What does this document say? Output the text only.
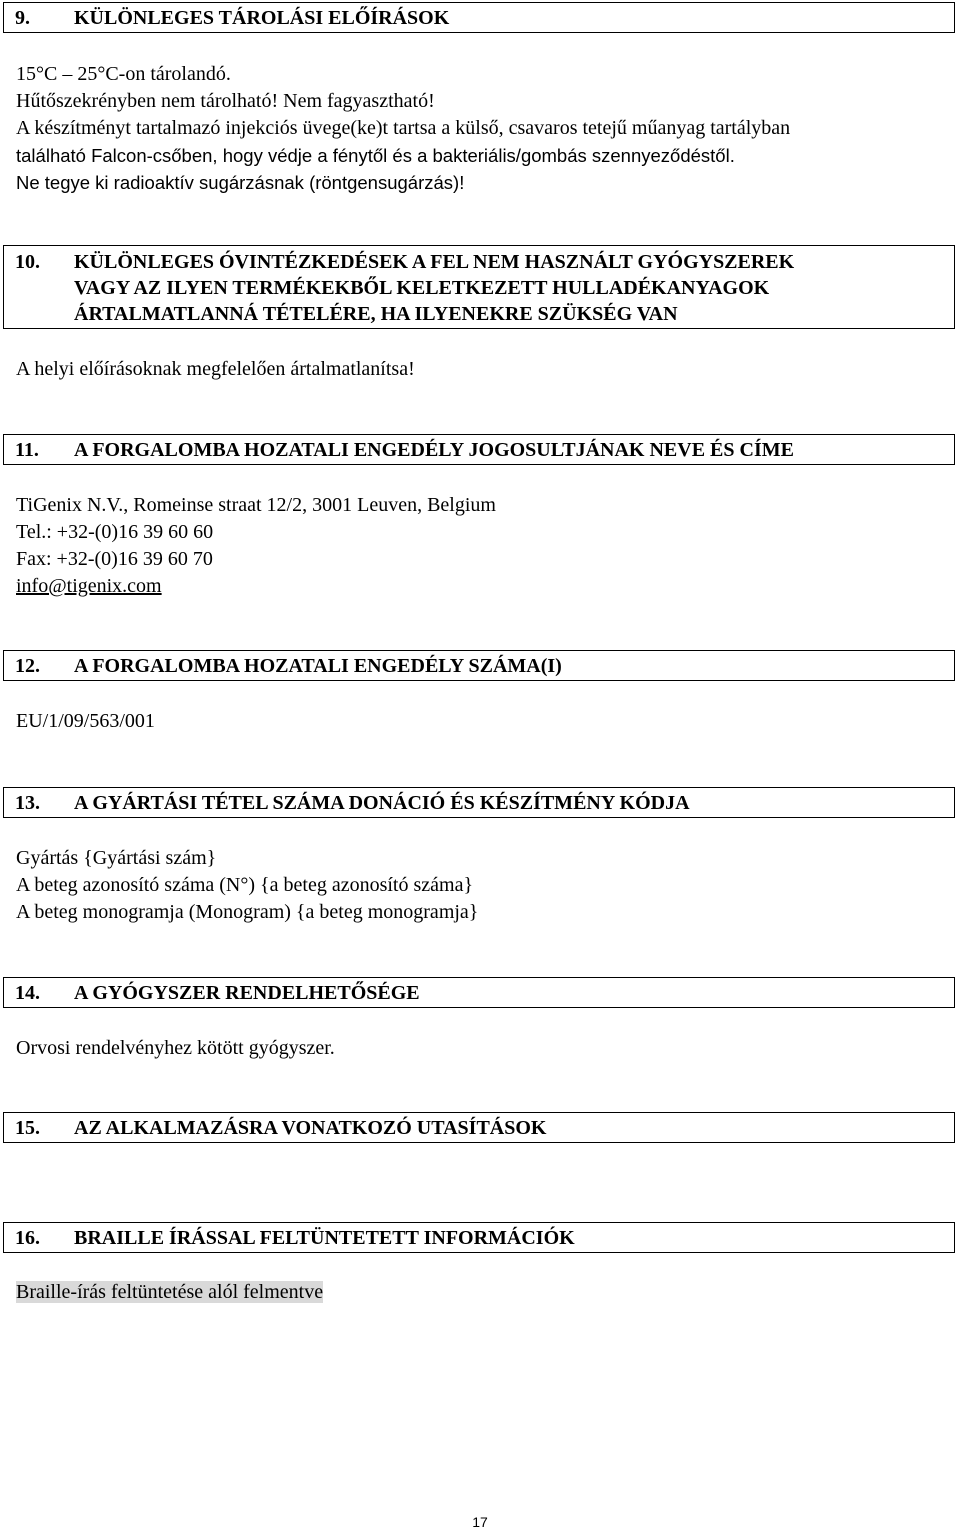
9. KÜLÖNLEGES TÁROLÁSI ELŐÍRÁSOK
15°C – 25°C-on tárolandó.
Hűtőszekrényben nem tárolható! Nem fagyasztható!
A készítményt tartalmazó injekciós üvege(ke)t tartsa a külső, csavaros tetejű műanyag tartályban
található Falcon-csőben, hogy védje a fénytől és a bakteriális/gombás szennyeződéstől.
Ne tegye ki radioaktív sugárzásnak (röntgensugárzás)!
10. KÜLÖNLEGES ÓVINTÉZKEDÉSEK A FEL NEM HASZNÁLT GYÓGYSZEREK
VAGY AZ ILYEN TERMÉKEKBŐL KELETKEZETT HULLADÉKANYAGOK
ÁRTALMATLANNÁ TÉTELÉRE, HA ILYENEKRE SZÜKSÉG VAN
A helyi előírásoknak megfelelően ártalmatlanítsa!
11. A FORGALOMBA HOZATALI ENGEDÉLY JOGOSULTJÁNAK NEVE ÉS CÍME
TiGenix N.V., Romeinse straat 12/2, 3001 Leuven, Belgium
Tel.: +32-(0)16 39 60 60
Fax: +32-(0)16 39 60 70
info@tigenix.com
12. A FORGALOMBA HOZATALI ENGEDÉLY SZÁMA(I)
EU/1/09/563/001
13. A GYÁRTÁSI TÉTEL SZÁMA DONÁCIÓ ÉS KÉSZÍTMÉNY KÓDJA
Gyártás {Gyártási szám}
A beteg azonosító száma (N°) {a beteg azonosító száma}
A beteg monogramja (Monogram) {a beteg monogramja}
14. A GYÓGYSZER RENDELHETŐSÉGE
Orvosi rendelvényhez kötött gyógyszer.
15. AZ ALKALMAZÁSRA VONATKOZÓ UTASÍTÁSOK
16. BRAILLE ÍRÁSSAL FELTÜNTETETT INFORMÁCIÓK
Braille-írás feltüntetése alól felmentve
17
